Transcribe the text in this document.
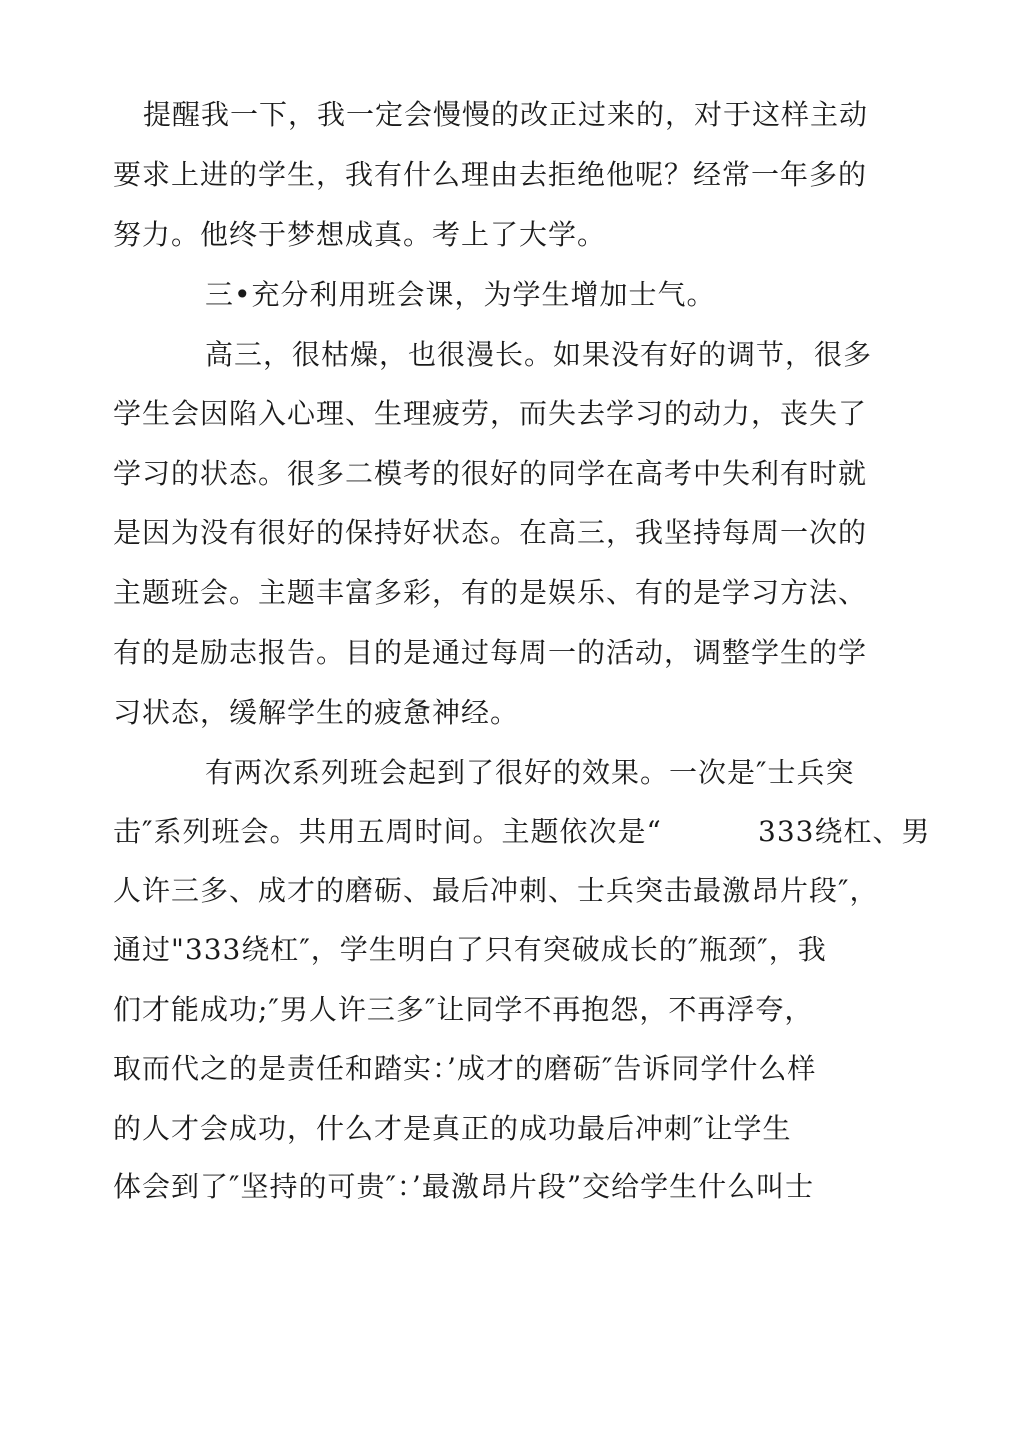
提醒我一下，我一定会慢慢的改正过来的，对于这样主动
要求上进的学生，我有什么理由去拒绝他呢？经常一年多的
努力。他终于梦想成真。考上了大学。
三•充分利用班会课，为学生增加士气。
高三，很枯燥，也很漫长。如果没有好的调节，很多
学生会因陷入心理、生理疲劳，而失去学习的动力，丧失了
学习的状态。很多二模考的很好的同学在高考中失利有时就
是因为没有很好的保持好状态。在高三，我坚持每周一次的
主题班会。主题丰富多彩，有的是娱乐、有的是学习方法、
有的是励志报告。目的是通过每周一的活动，调整学生的学
习状态，缓解学生的疲惫神经。
有两次系列班会起到了很好的效果。一次是″士兵突
击″系列班会。共用五周时间。主题依次是“	333绕杠、男
人许三多、成才的磨砺、最后冲刺、士兵突击最激昂片段″，
通过"333绕杠″，学生明白了只有突破成长的″瓶颈″，我
们才能成功;″男人许三多″让同学不再抱怨，不再浮夸，
取而代之的是责任和踏实：’成才的磨砺″告诉同学什么样
的人才会成功，什么才是真正的成功最后冲刺″让学生
体会到了″坚持的可贵″：’最激昂片段”交给学生什么叫士
